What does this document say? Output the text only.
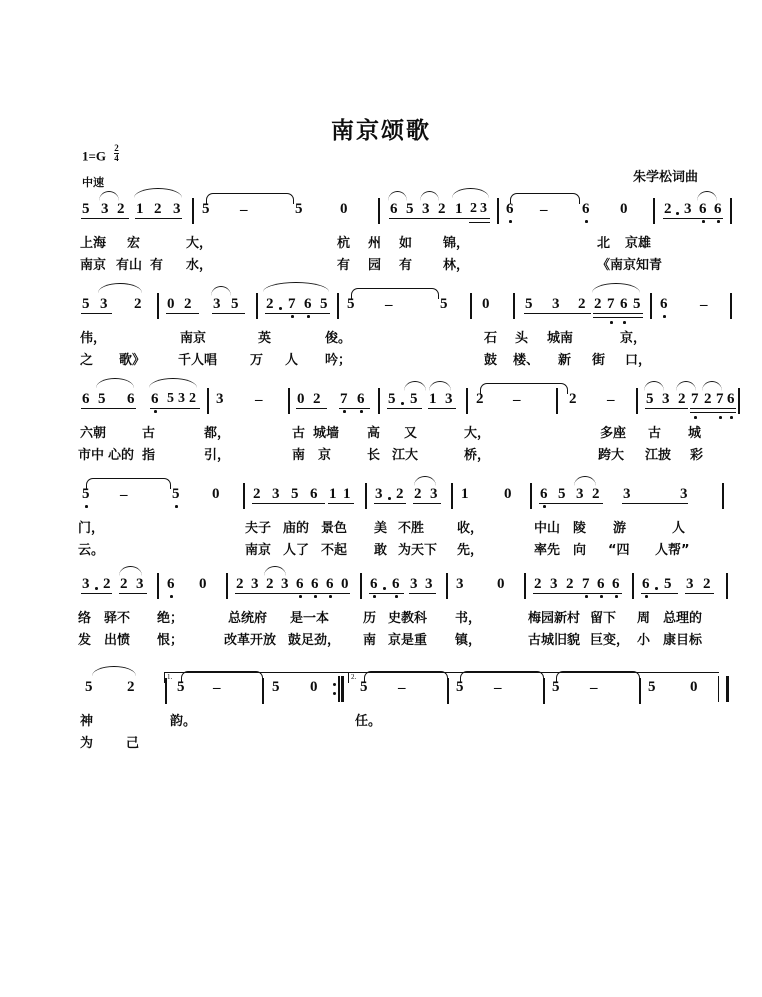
南京颂歌
$1=G \frac{2}{4}$
中速	朱学松词曲
5 3 2 1 2 3 5 –	5	0	6 5 3 2 1 2 3 6 – 6 0 2 3 6 6
上海 宏	大，	杭 州 如 锦，	北 京雄
南京 有山 有 水，	有 园 有 林，	《南京知青
5 3 2 0 2 3 5 2 7 6 5 5 –	5 0 5 3 2 2 7 6 5 6 –
伟，	南京	英	俊。	石 头 城南	京，
之 歌》	千人唱	万 人 吟；	鼓 楼、 新 街 口，
6 5 6 6 5 3 2 3 – 0 2 7 6 5 5 1 3 2 –	2 – 5 3 2 7 2 7 6
六朝	古	都，	古 城墙 高 又	大，	多座 古 城
市中 心的 指	引，	南 京	长 江大	桥，	跨大 江披 彩
5 –	5 0 2 3 5 6 1 1 3 2 2 3 1 0 6 5 3 2 3	3
门，	夫子 庙的 景色 美 不胜	收，	中山 陵 游	人
云。	南京 人了 不起 敢 为天下 先，	率先 向 “四 人帮”
3 2 2 3 6 0 2 3 2 3 6 6 6 0 6 6 3 3 3 0 2 3 2 7 6 6 6 5 3 2
络 驿不 绝；	总统府 是一本	历 史教科 书，	梅园新村 留下 周 总理的
发 出愤 恨；	改革开放 鼓足劲， 南 京是重 镇，	古城旧貌 巨变， 小 康目标
5 2
1.
5 –	5 0
2.
5 –	5 –	5 –	5 0
神	韵。	任。
为	己
